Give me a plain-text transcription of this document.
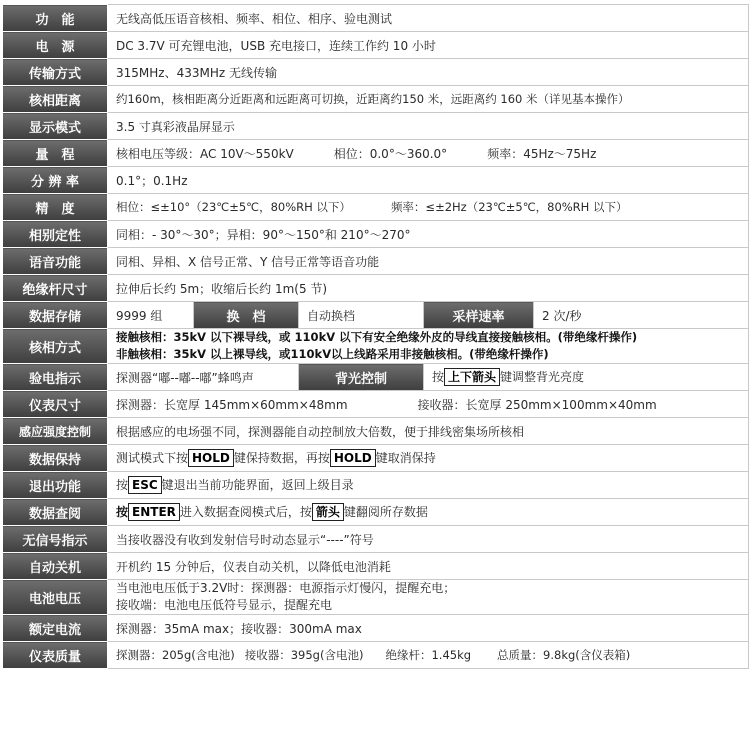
功　能	无线高低压语音核相、频率、相位、相序、验电测试				
电　源	DC 3.7V 可充锂电池，USB 充电接口，连续工作约 10 小时				
传输方式	315MHz、433MHz 无线传输				
核相距离	约160m，核相距离分近距离和远距离可切换，近距离约150 米，远距离约 160 米（详见基本操作）				
显示模式	3.5 寸真彩液晶屏显示				
量　程	核相电压等级：AC 10V～550kV 相位：0.0°～360.0° 频率：45Hz～75Hz				
分 辨 率	0.1°；0.1Hz				
精　度	相位：≤±10°（23℃±5℃，80%RH 以下） 频率：≤±2Hz（23℃±5℃，80%RH 以下）				
相别定性	同相：- 30°～30°；异相：90°～150°和 210°～270°				
语音功能	同相、异相、X 信号正常、Y 信号正常等语音功能				
绝缘杆尺寸	拉伸后长约 5m；收缩后长约 1m(5 节)				
数据存储	9999 组	换　档	自动换档	采样速率	2 次/秒
核相方式	接触核相：35kV 以下裸导线，或 110kV 以下有安全绝缘外皮的导线直接接触核相。(带绝缘杆操作)
非触核相：35kV 以上裸导线，或110kV以上线路采用非接触核相。(带绝缘杆操作)				

验电指示	探测器“嘟--嘟--嘟”蜂鸣声		背光控制	按 上下箭头 键调整背光亮度	
仪表尺寸	探测器：长宽厚 145mm×60mm×48mm 接收器：长宽厚 250mm×100mm×40mm				
感应强度控制	根据感应的电场强不同，探测器能自动控制放大倍数，便于排线密集场所核相				
数据保持	测试模式下按 HOLD 键保持数据，再按 HOLD 键取消保持				
退出功能	按 ESC 键退出当前功能界面，返回上级目录				
数据查阅	按 ENTER 进入数据查阅模式后，按 箭头 键翻阅所存数据				
无信号指示	当接收器没有收到发射信号时动态显示“----”符号				
自动关机	开机约 15 分钟后，仪表自动关机，以降低电池消耗				
电池电压	当电池电压低于3.2V时：探测器：电源指示灯慢闪，提醒充电；
接收端：电池电压低符号显示，提醒充电				

额定电流	探测器：35mA max；接收器：300mA max				
仪表质量	探测器：205g(含电池) 接收器：395g(含电池) 绝缘杆：1.45kg 总质量：9.8kg(含仪表箱)				
